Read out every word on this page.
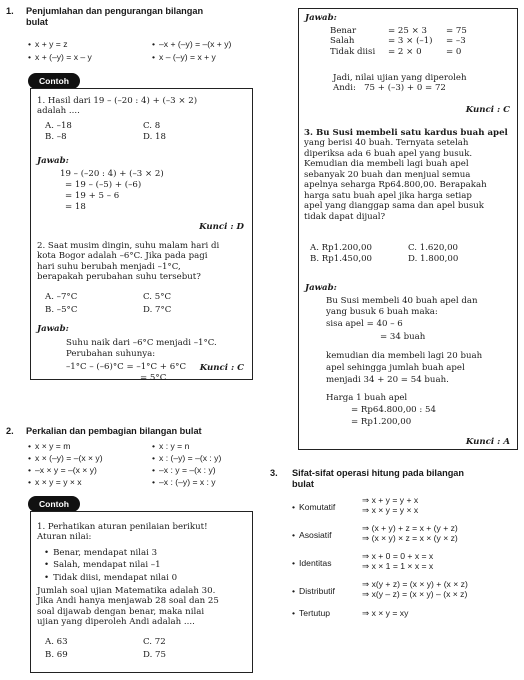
1. Penjumlahan dan pengurangan bilangan
bulat
• x + y = z	• –x + (–y) = –(x + y)
• x + (–y) = x – y	• x – (–y) = x + y
Contoh
1. Hasil dari 19 – (–20 : 4) + (–3 × 2)
adalah ....
A. –18	C. 8
B. –8	D. 18
Jawab:
19 – (–20 : 4) + (–3 × 2)
= 19 – (–5) + (–6)
= 19 + 5 – 6
= 18
Kunci : D
2. Saat musim dingin, suhu malam hari di
kota Bogor adalah –6°C. Jika pada pagi
hari suhu berubah menjadi –1°C,
berapakah perubahan suhu tersebut?
A. –7°C	C. 5°C
B. –5°C	D. 7°C
Jawab:
Suhu naik dari –6°C menjadi –1°C.
Perubahan suhunya:
–1°C – (–6)°C = –1°C + 6°C
= 5°C
Kunci : C
Jawab:
Benar	= 25 × 3	= 75
Salah	= 3 × (–1)	= –3
Tidak diisi	= 2 × 0	= 0
Jadi, nilai ujian yang diperoleh
Andi: 75 + (–3) + 0 = 72
Kunci : C
3. Bu Susi membeli satu kardus buah apel
yang berisi 40 buah. Ternyata setelah
diperiksa ada 6 buah apel yang busuk.
Kemudian dia membeli lagi buah apel
sebanyak 20 buah dan menjual semua
apelnya seharga Rp64.800,00. Berapakah
harga satu buah apel jika harga setiap
apel yang dianggap sama dan apel busuk
tidak dapat dijual?
A. Rp1.200,00	C. 1.620,00
B. Rp1.450,00	D. 1.800,00
Jawab:
Bu Susi membeli 40 buah apel dan
yang busuk 6 buah maka:
sisa apel = 40 – 6
= 34 buah
kemudian dia membeli lagi 20 buah
apel sehingga jumlah buah apel
menjadi 34 + 20 = 54 buah.
Harga 1 buah apel
= Rp64.800,00 : 54
= Rp1.200,00
Kunci : A
2. Perkalian dan pembagian bilangan bulat
• x × y = m	• x : y = n
• x × (–y) = –(x × y)	• x : (–y) = –(x : y)
• –x × y = –(x × y)	• –x : y = –(x : y)
• x × y = y × x	• –x : (–y) = x : y
Contoh
1. Perhatikan aturan penilaian berikut!
Aturan nilai:
• Benar, mendapat nilai 3
• Salah, mendapat nilai –1
• Tidak diisi, mendapat nilai 0
Jumlah soal ujian Matematika adalah 30.
Jika Andi hanya menjawab 28 soal dan 25
soal dijawab dengan benar, maka nilai
ujian yang diperoleh Andi adalah ....
A. 63	C. 72
B. 69	D. 75
3. Sifat-sifat operasi hitung pada bilangan
bulat
• Komutatif
⇒ x + y = y + x
⇒ x × y = y × x
• Asosiatif
⇒ (x + y) + z = x + (y + z)
⇒ (x × y) × z = x × (y × z)
• Identitas
⇒ x + 0 = 0 + x = x
⇒ x × 1 = 1 × x = x
• Distributif
⇒ x(y + z) = (x × y) + (x × z)
⇒ x(y – z) = (x × y) – (x × z)
• Tertutup	⇒ x × y = xy
